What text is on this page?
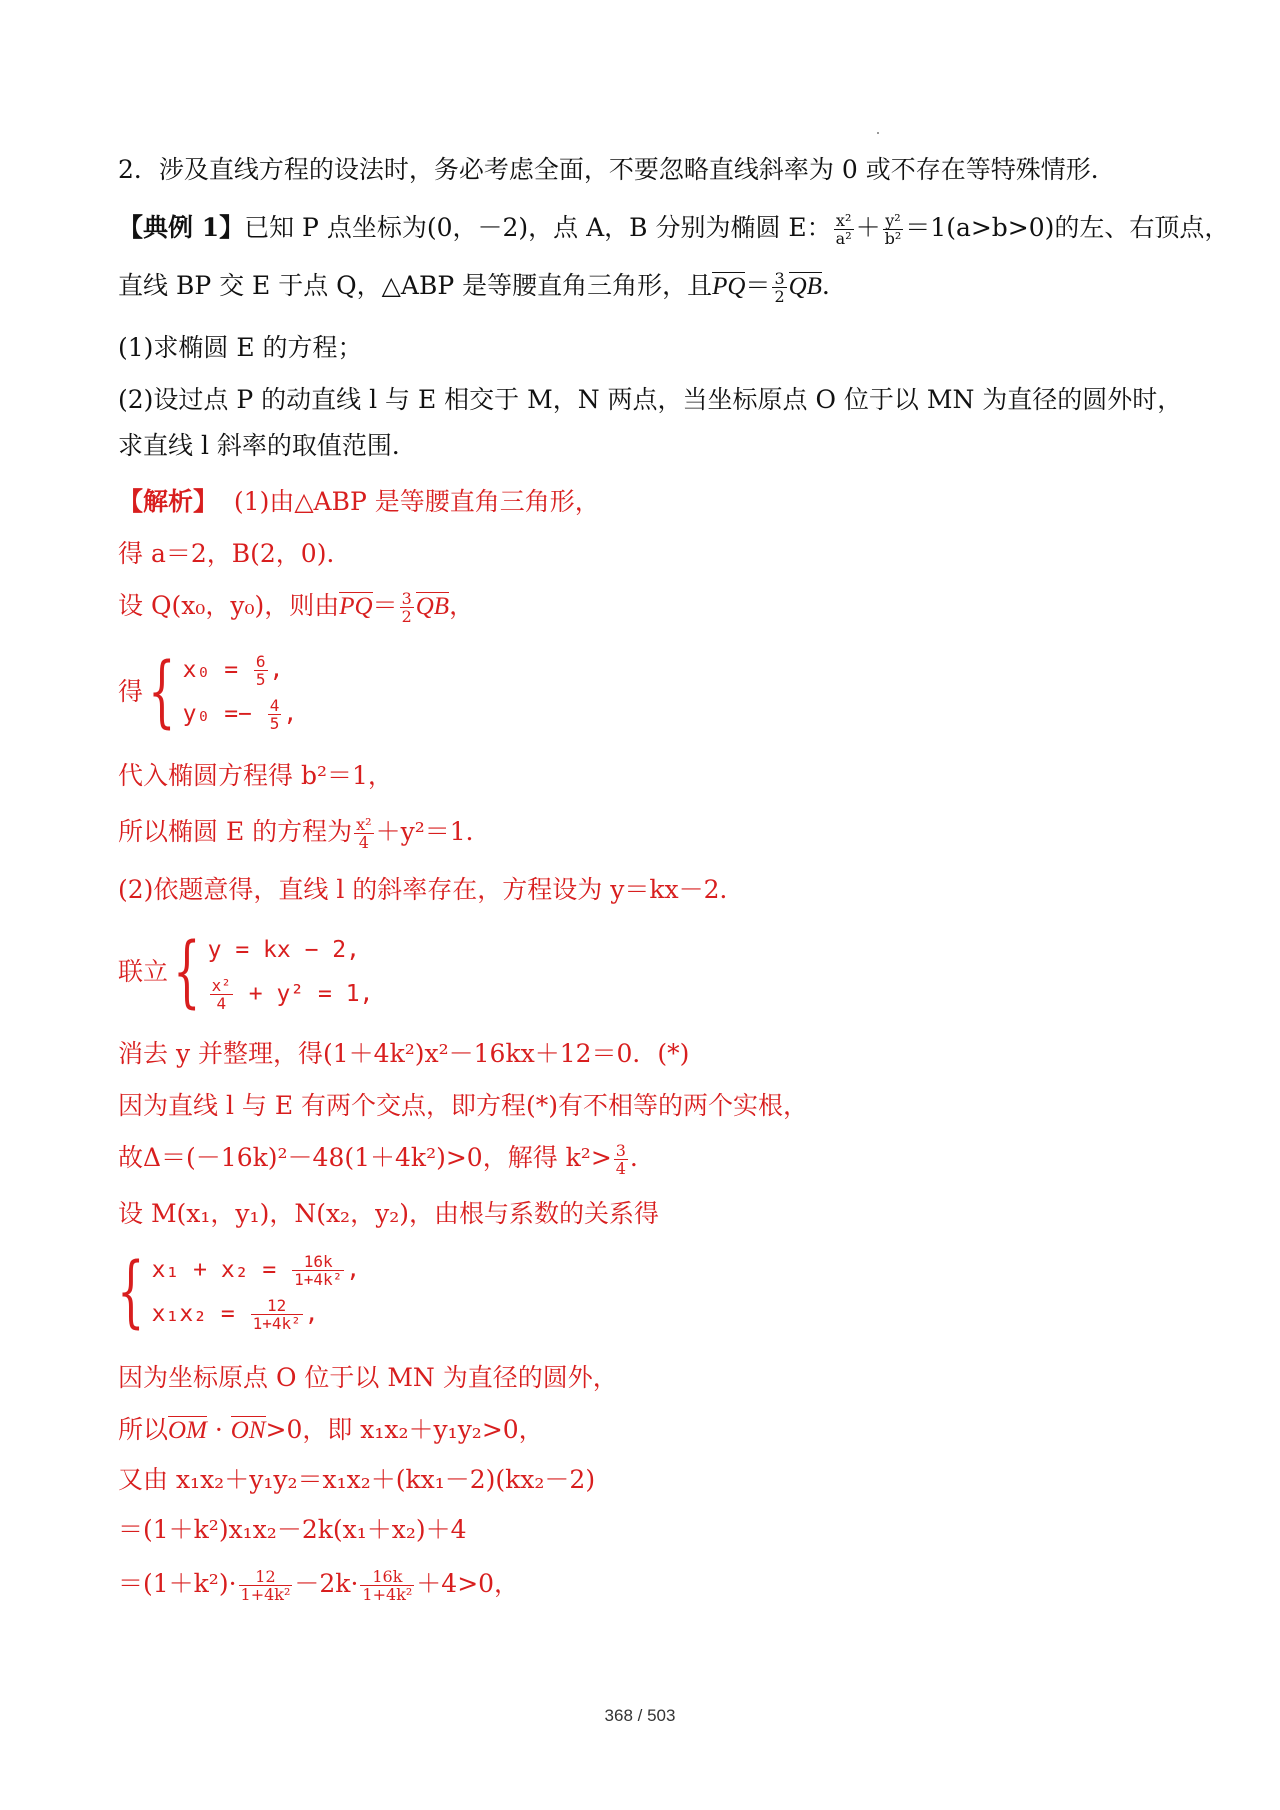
2．涉及直线方程的设法时，务必考虑全面，不要忽略直线斜率为 0 或不存在等特殊情形．
【典例 1】已知 P 点坐标为(0，－2)，点 A，B 分别为椭圆 E： $\frac{\text{x²}}{\text{a²}} + \frac{\text{y²}}{\text{b²}} =1(a>b>0)$的左、右顶点，
直线 BP 交 E 于点 Q，△ABP 是等腰直角三角形，且$PQ= \frac{3}{2}$ QB．
(1)求椭圆 E 的方程；
(2)设过点 P 的动直线 l 与 E 相交于 M，N 两点，当坐标原点 O 位于以 MN 为直径的圆外时，
求直线 l 斜率的取值范围．
【解析】 (1)由△ABP 是等腰直角三角形，
得 a＝2，B(2，0)．
设 Q(x₀，y₀)，则由$PQ= \frac{3}{2}$ QB，
得 { $x_0 = \frac{6}{5}$ ,
$y_0 =- \frac{4}{5}$ ,
代入椭圆方程得 b²＝1，
所以椭圆 E 的方程为 $\frac{\text{x²}}{4} +y^2=1$．
(2)依题意得，直线 l 的斜率存在，方程设为 y＝kx－2．
联立 { y = kx − 2,
$\frac{\text{x²}}{4} + y^2 = 1$,
消去 y 并整理，得(1＋4k²)x²－16kx＋12＝0．(*)
因为直线 l 与 E 有两个交点，即方程(*)有不相等的两个实根，
故Δ＝(－16k)²－48(1＋4k²)>0，解得 $k^2> \frac{3}{4}$ ．
设 M(x₁，y₁)，N(x₂，y₂)，由根与系数的关系得
{ $x_1 + x_2 = \frac{16k}{\text{1+4k²}}$ ,
$x_1x_2 = \frac{12}{\text{1+4k²}}$ ,
因为坐标原点 O 位于以 MN 为直径的圆外，
所以OM · ON>0，即 x₁x₂＋y₁y₂>0，
又由 x₁x₂＋y₁y₂＝x₁x₂＋(kx₁－2)(kx₂－2)
＝(1＋k²)x₁x₂－2k(x₁＋x₂)＋4
$=(1+k^2)\cdot \frac{12}{\text{1+4k²}} -2k\cdot \frac{16k}{\text{1+4k²}} +4>0$，
368 / 503
